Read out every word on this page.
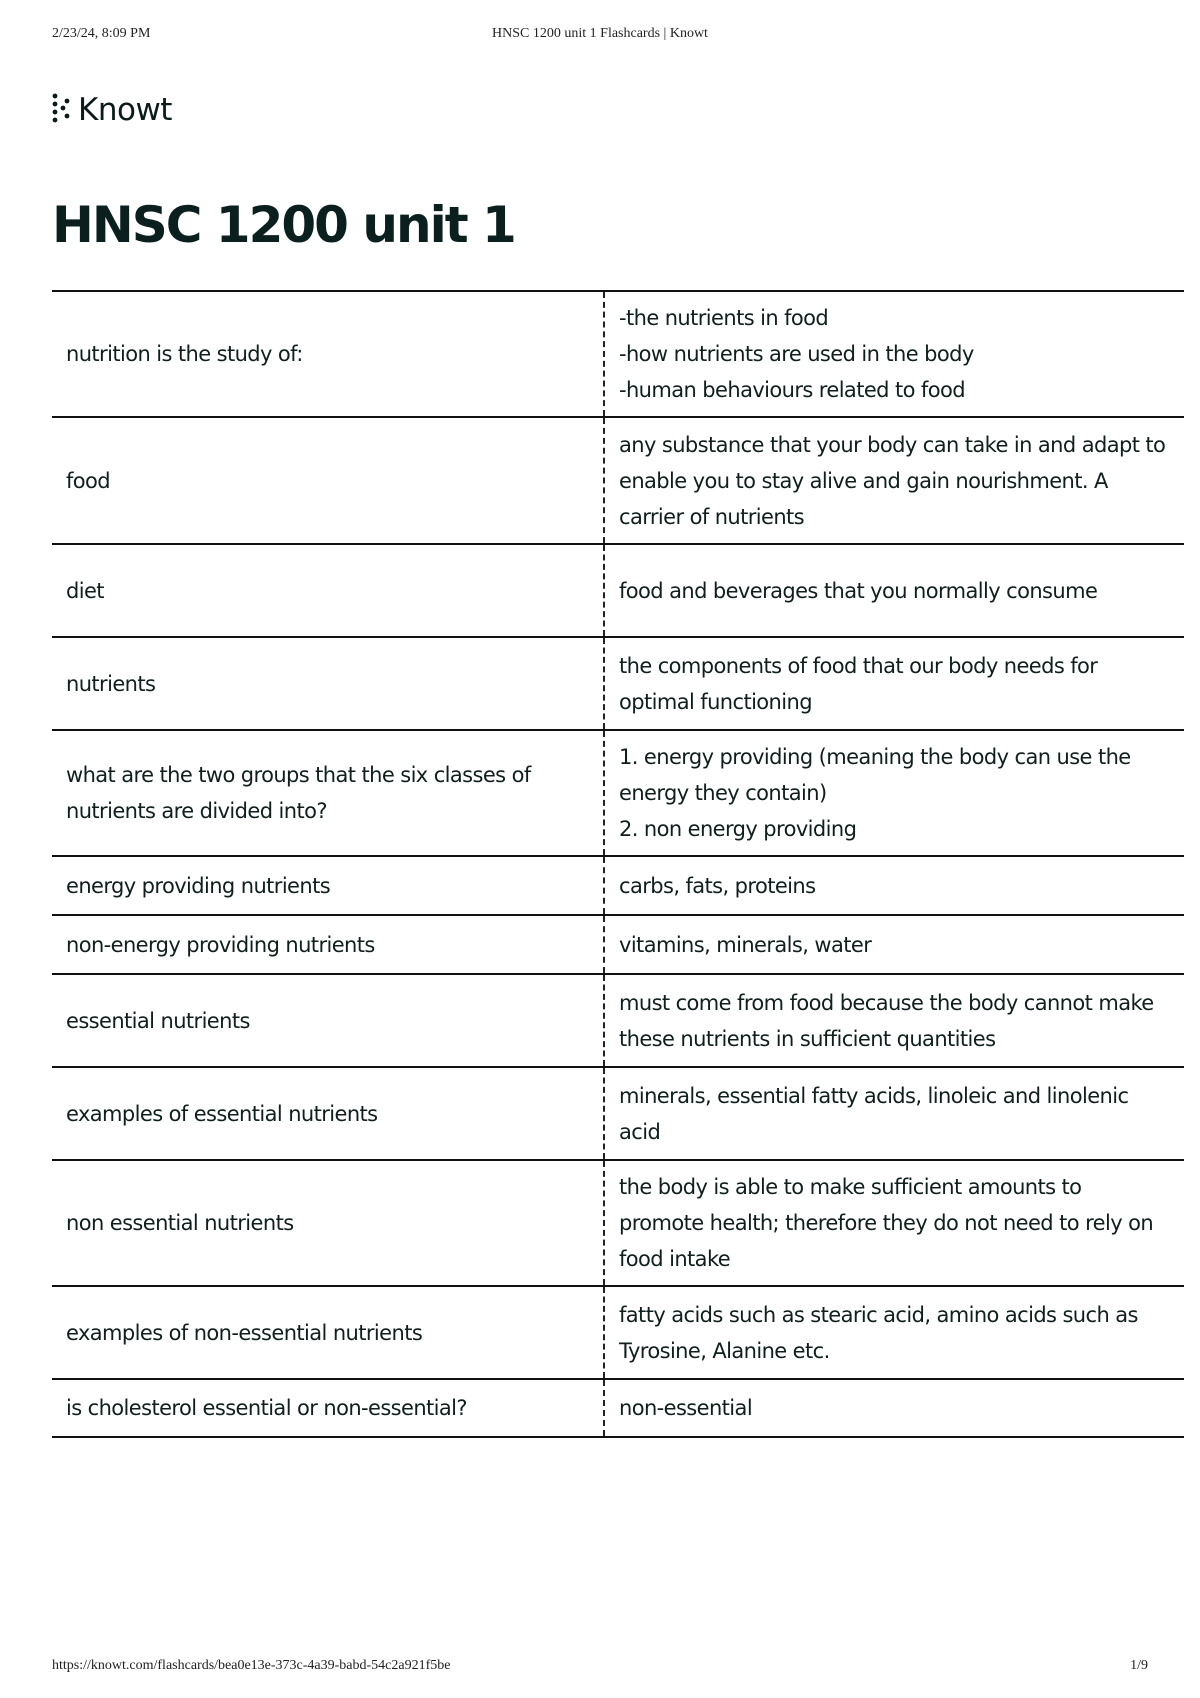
2/23/24, 8:09 PM	HNSC 1200 unit 1 Flashcards | Knowt
Knowt
HNSC 1200 unit 1
nutrition is the study of:	-the nutrients in food
-how nutrients are used in the body
-human behaviours related to food
food	any substance that your body can take in and adapt to enable you to stay alive and gain nourishment. A carrier of nutrients
diet	food and beverages that you normally consume
nutrients	the components of food that our body needs for optimal functioning
what are the two groups that the six classes of nutrients are divided into?	1. energy providing (meaning the body can use the energy they contain)
2. non energy providing
energy providing nutrients	carbs, fats, proteins
non-energy providing nutrients	vitamins, minerals, water
essential nutrients	must come from food because the body cannot make these nutrients in sufficient quantities
examples of essential nutrients	minerals, essential fatty acids, linoleic and linolenic acid
non essential nutrients	the body is able to make sufficient amounts to promote health; therefore they do not need to rely on food intake
examples of non-essential nutrients	fatty acids such as stearic acid, amino acids such as Tyrosine, Alanine etc.
is cholesterol essential or non-essential?	non-essential
https://knowt.com/flashcards/bea0e13e-373c-4a39-babd-54c2a921f5be	1/9
